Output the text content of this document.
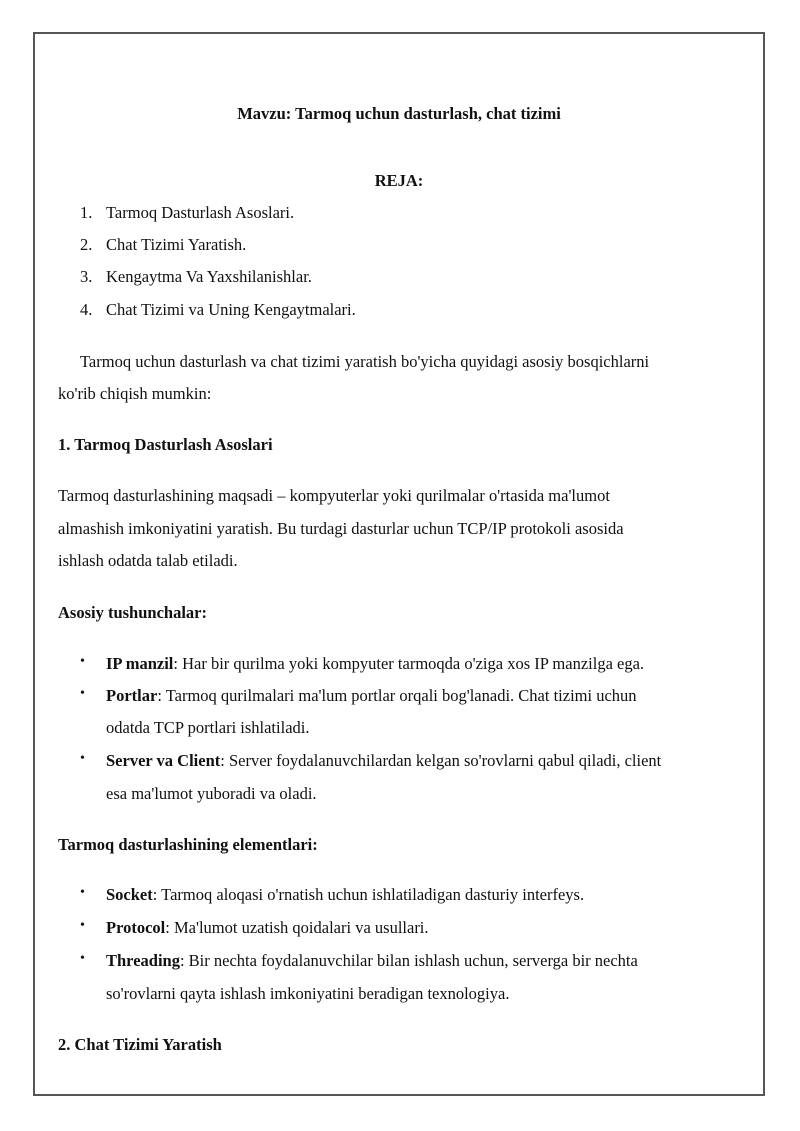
Mavzu: Tarmoq uchun dasturlash, chat tizimi
REJA:
1. Tarmoq Dasturlash Asoslari.
2. Chat Tizimi Yaratish.
3. Kengaytma Va Yaxshilanishlar.
4. Chat Tizimi va Uning Kengaytmalari.
Tarmoq uchun dasturlash va chat tizimi yaratish bo'yicha quyidagi asosiy bosqichlarni
ko'rib chiqish mumkin:
1. Tarmoq Dasturlash Asoslari
Tarmoq dasturlashining maqsadi – kompyuterlar yoki qurilmalar o'rtasida ma'lumot
almashish imkoniyatini yaratish. Bu turdagi dasturlar uchun TCP/IP protokoli asosida
ishlash odatda talab etiladi.
Asosiy tushunchalar:
• IP manzil: Har bir qurilma yoki kompyuter tarmoqda o'ziga xos IP manzilga ega.
• Portlar: Tarmoq qurilmalari ma'lum portlar orqali bog'lanadi. Chat tizimi uchun
odatda TCP portlari ishlatiladi.
• Server va Client: Server foydalanuvchilardan kelgan so'rovlarni qabul qiladi, client
esa ma'lumot yuboradi va oladi.
Tarmoq dasturlashining elementlari:
• Socket: Tarmoq aloqasi o'rnatish uchun ishlatiladigan dasturiy interfeys.
• Protocol: Ma'lumot uzatish qoidalari va usullari.
• Threading: Bir nechta foydalanuvchilar bilan ishlash uchun, serverga bir nechta
so'rovlarni qayta ishlash imkoniyatini beradigan texnologiya.
2. Chat Tizimi Yaratish
